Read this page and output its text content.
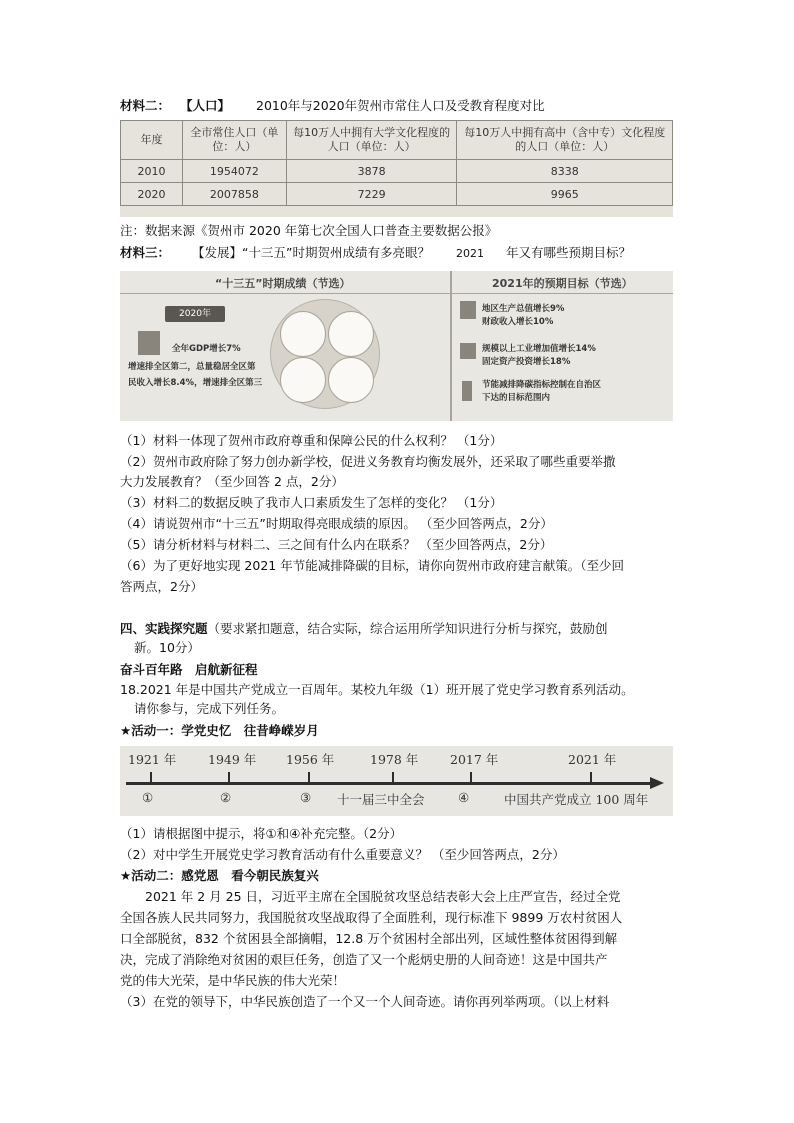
材料二： 【人口】 2010年与2020年贺州市常住人口及受教育程度对比
年度	全市常住人口（单位：人）	每10万人中拥有大学文化程度的人口（单位：人）	每10万人中拥有高中（含中专）文化程度的人口（单位：人）
2010	1954072	3878	8338
2020	2007858	7229	9965
注：数据来源《贺州市 2020 年第七次全国人口普查主要数据公报》
材料三： 【发展】“十三五”时期贺州成绩有多亮眼？ 2021 年又有哪些预期目标？
“十三五”时期成绩（节选）	2021年的预期目标（节选）
2020年
全年GDP增长7%
增速排全区第二，总量稳居全区第
民收入增长8.4%，增速排全区第三
地区生产总值增长9%
财政收入增长10%
规模以上工业增加值增长14%
固定资产投资增长18%
节能减排降碳指标控制在自治区
下达的目标范围内
（1）材料一体现了贺州市政府尊重和保障公民的什么权利？ （1分）
（2）贺州市政府除了努力创办新学校，促进义务教育均衡发展外，还采取了哪些重要举撒
大力发展教育？（至少回答 2 点，2分）
（3）材料二的数据反映了我市人口素质发生了怎样的变化？ （1分）
（4）请说贺州市“十三五”时期取得亮眼成绩的原因。 （至少回答两点，2分）
（5）请分析材料与材料二、三之间有什么内在联系？ （至少回答两点，2分）
（6）为了更好地实现 2021 年节能减排降碳的目标，请你向贺州市政府建言献策。（至少回
答两点，2分）
四、实践探究题（要求紧扣题意，结合实际，综合运用所学知识进行分析与探究，鼓励创
新。10分）
奋斗百年路　启航新征程
18.2021 年是中国共产党成立一百周年。某校九年级（1）班开展了党史学习教育系列活动。
请你参与，完成下列任务。
★活动一：学党史忆　往昔峥嵘岁月
1921 年	1949 年 1956 年	1978 年	2017 年	2021 年
①	②	③ 十一届三中全会	④	中国共产党成立 100 周年
（1）请根据图中提示，将①和④补充完整。（2分）
（2）对中学生开展党史学习教育活动有什么重要意义？ （至少回答两点，2分）
★活动二：感党恩　看今朝民族复兴
　　2021 年 2 月 25 日，习近平主席在全国脱贫攻坚总结表彰大会上庄严宣告，经过全党
全国各族人民共同努力，我国脱贫攻坚战取得了全面胜利，现行标准下 9899 万农村贫困人
口全部脱贫，832 个贫困县全部摘帽，12.8 万个贫困村全部出列，区域性整体贫困得到解
决，完成了消除绝对贫困的艰巨任务，创造了又一个彪炳史册的人间奇迹！这是中国共产
党的伟大光荣，是中华民族的伟大光荣！
（3）在党的领导下，中华民族创造了一个又一个人间奇迹。请你再列举两项。（以上材料
